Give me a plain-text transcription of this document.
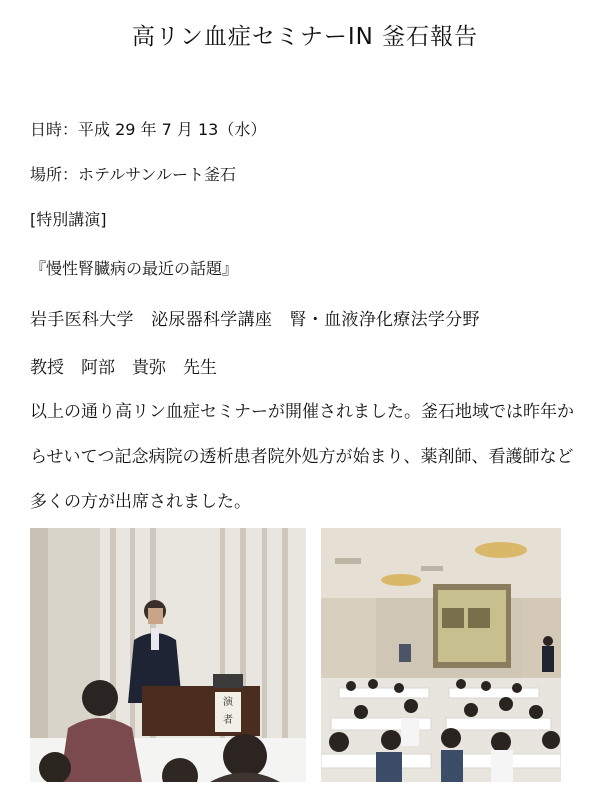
高リン血症セミナーIN 釜石報告
日時：平成 29 年 7 月 13（水）
場所：ホテルサンルート釜石
[特別講演]
『慢性腎臓病の最近の話題』
岩手医科大学　泌尿器科学講座　腎・血液浄化療法学分野
教授　阿部　貴弥　先生
以上の通り高リン血症セミナーが開催されました。釜石地域では昨年からせいてつ記念病院の透析患者院外処方が始まり、薬剤師、看護師など多くの方が出席されました。
演
者
